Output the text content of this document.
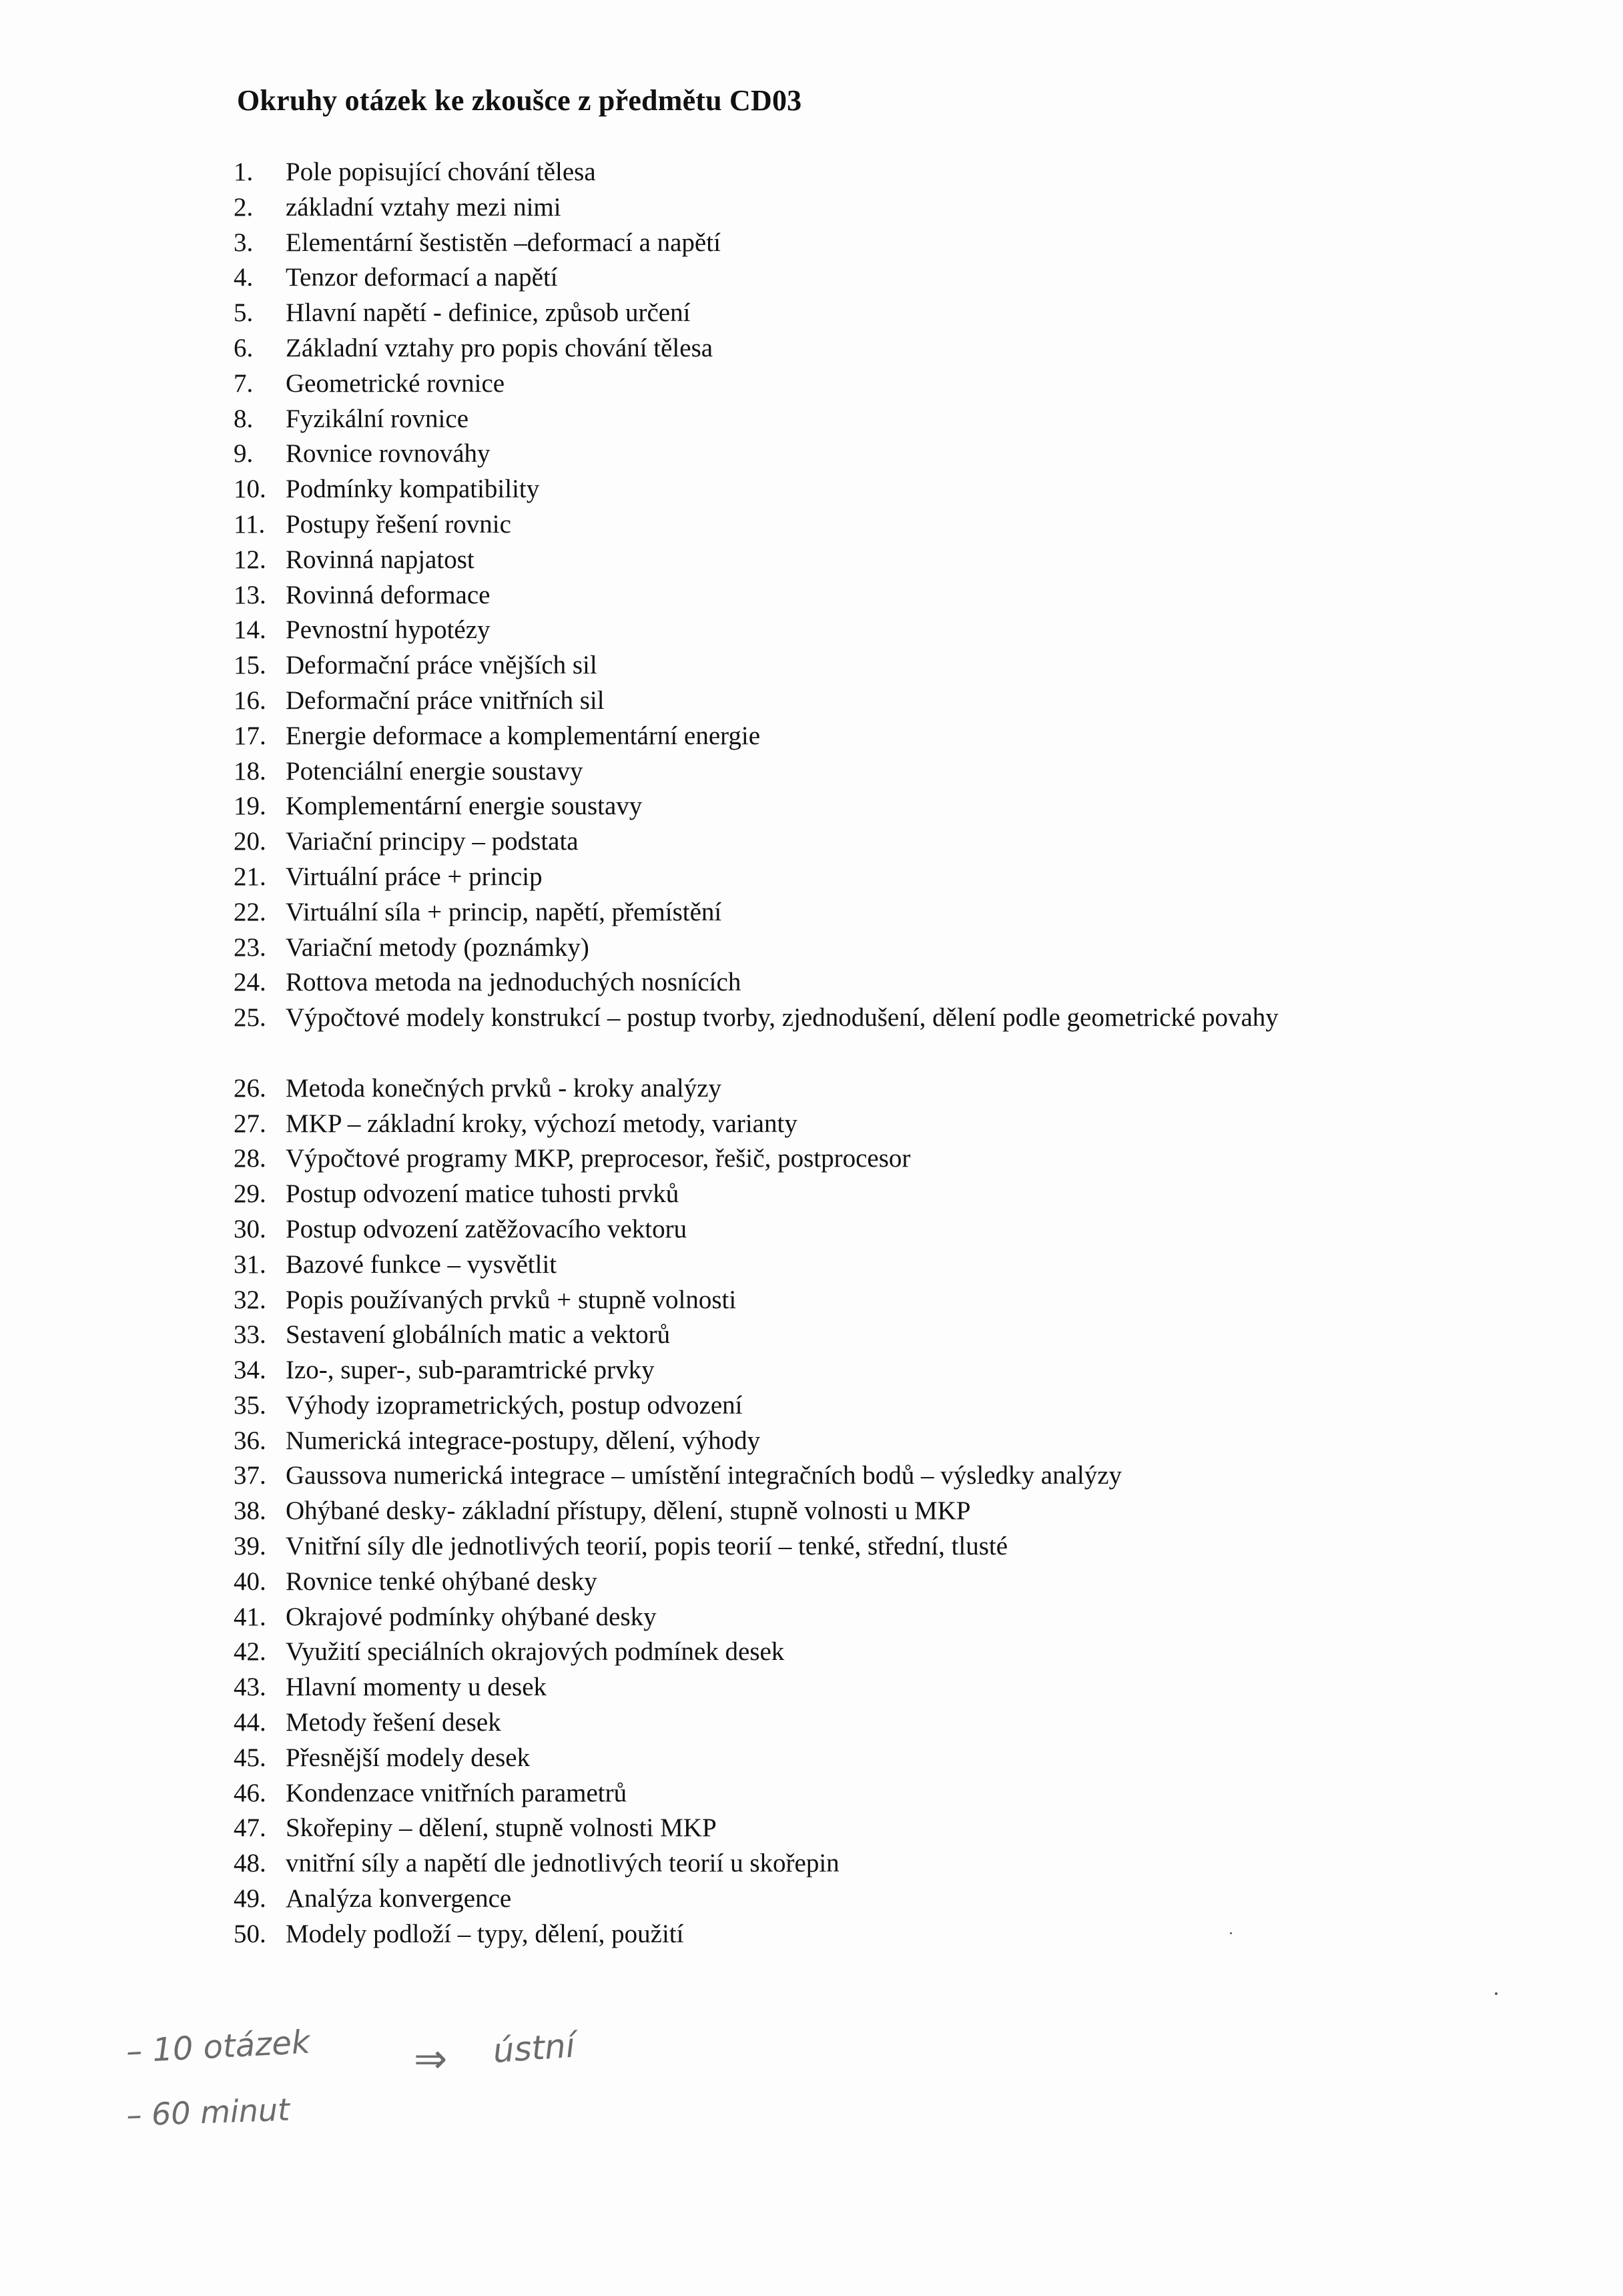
Okruhy otázek ke zkoušce z předmětu CD03
1.	Pole popisující chování tělesa
2.	základní vztahy mezi nimi
3.	Elementární šestistěn –deformací a napětí
4.	Tenzor deformací a napětí
5.	Hlavní napětí - definice, způsob určení
6.	Základní vztahy pro popis chování tělesa
7.	Geometrické rovnice
8.	Fyzikální rovnice
9.	Rovnice rovnováhy
10. Podmínky kompatibility
11. Postupy řešení rovnic
12. Rovinná napjatost
13. Rovinná deformace
14. Pevnostní hypotézy
15. Deformační práce vnějších sil
16. Deformační práce vnitřních sil
17. Energie deformace a komplementární energie
18. Potenciální energie soustavy
19. Komplementární energie soustavy
20. Variační principy – podstata
21. Virtuální práce + princip
22. Virtuální síla + princip, napětí, přemístění
23. Variační metody (poznámky)
24. Rottova metoda na jednoduchých nosnících
25. Výpočtové modely konstrukcí – postup tvorby, zjednodušení, dělení podle geometrické povahy
26. Metoda konečných prvků - kroky analýzy
27. MKP – základní kroky, výchozí metody, varianty
28. Výpočtové programy MKP, preprocesor, řešič, postprocesor
29. Postup odvození matice tuhosti prvků
30. Postup odvození zatěžovacího vektoru
31. Bazové funkce – vysvětlit
32. Popis používaných prvků + stupně volnosti
33. Sestavení globálních matic a vektorů
34. Izo-, super-, sub-paramtrické prvky
35. Výhody izoprametrických, postup odvození
36. Numerická integrace-postupy, dělení, výhody
37. Gaussova numerická integrace – umístění integračních bodů – výsledky analýzy
38. Ohýbané desky- základní přístupy, dělení, stupně volnosti u MKP
39. Vnitřní síly dle jednotlivých teorií, popis teorií – tenké, střední, tlusté
40. Rovnice tenké ohýbané desky
41. Okrajové podmínky ohýbané desky
42. Využití speciálních okrajových podmínek desek
43. Hlavní momenty u desek
44. Metody řešení desek
45. Přesnější modely desek
46. Kondenzace vnitřních parametrů
47. Skořepiny – dělení, stupně volnosti MKP
48. vnitřní síly a napětí dle jednotlivých teorií u skořepin
49. Analýza konvergence
50. Modely podloží – typy, dělení, použití
– 10 otázek
– 60 minut
⇒ ústní
